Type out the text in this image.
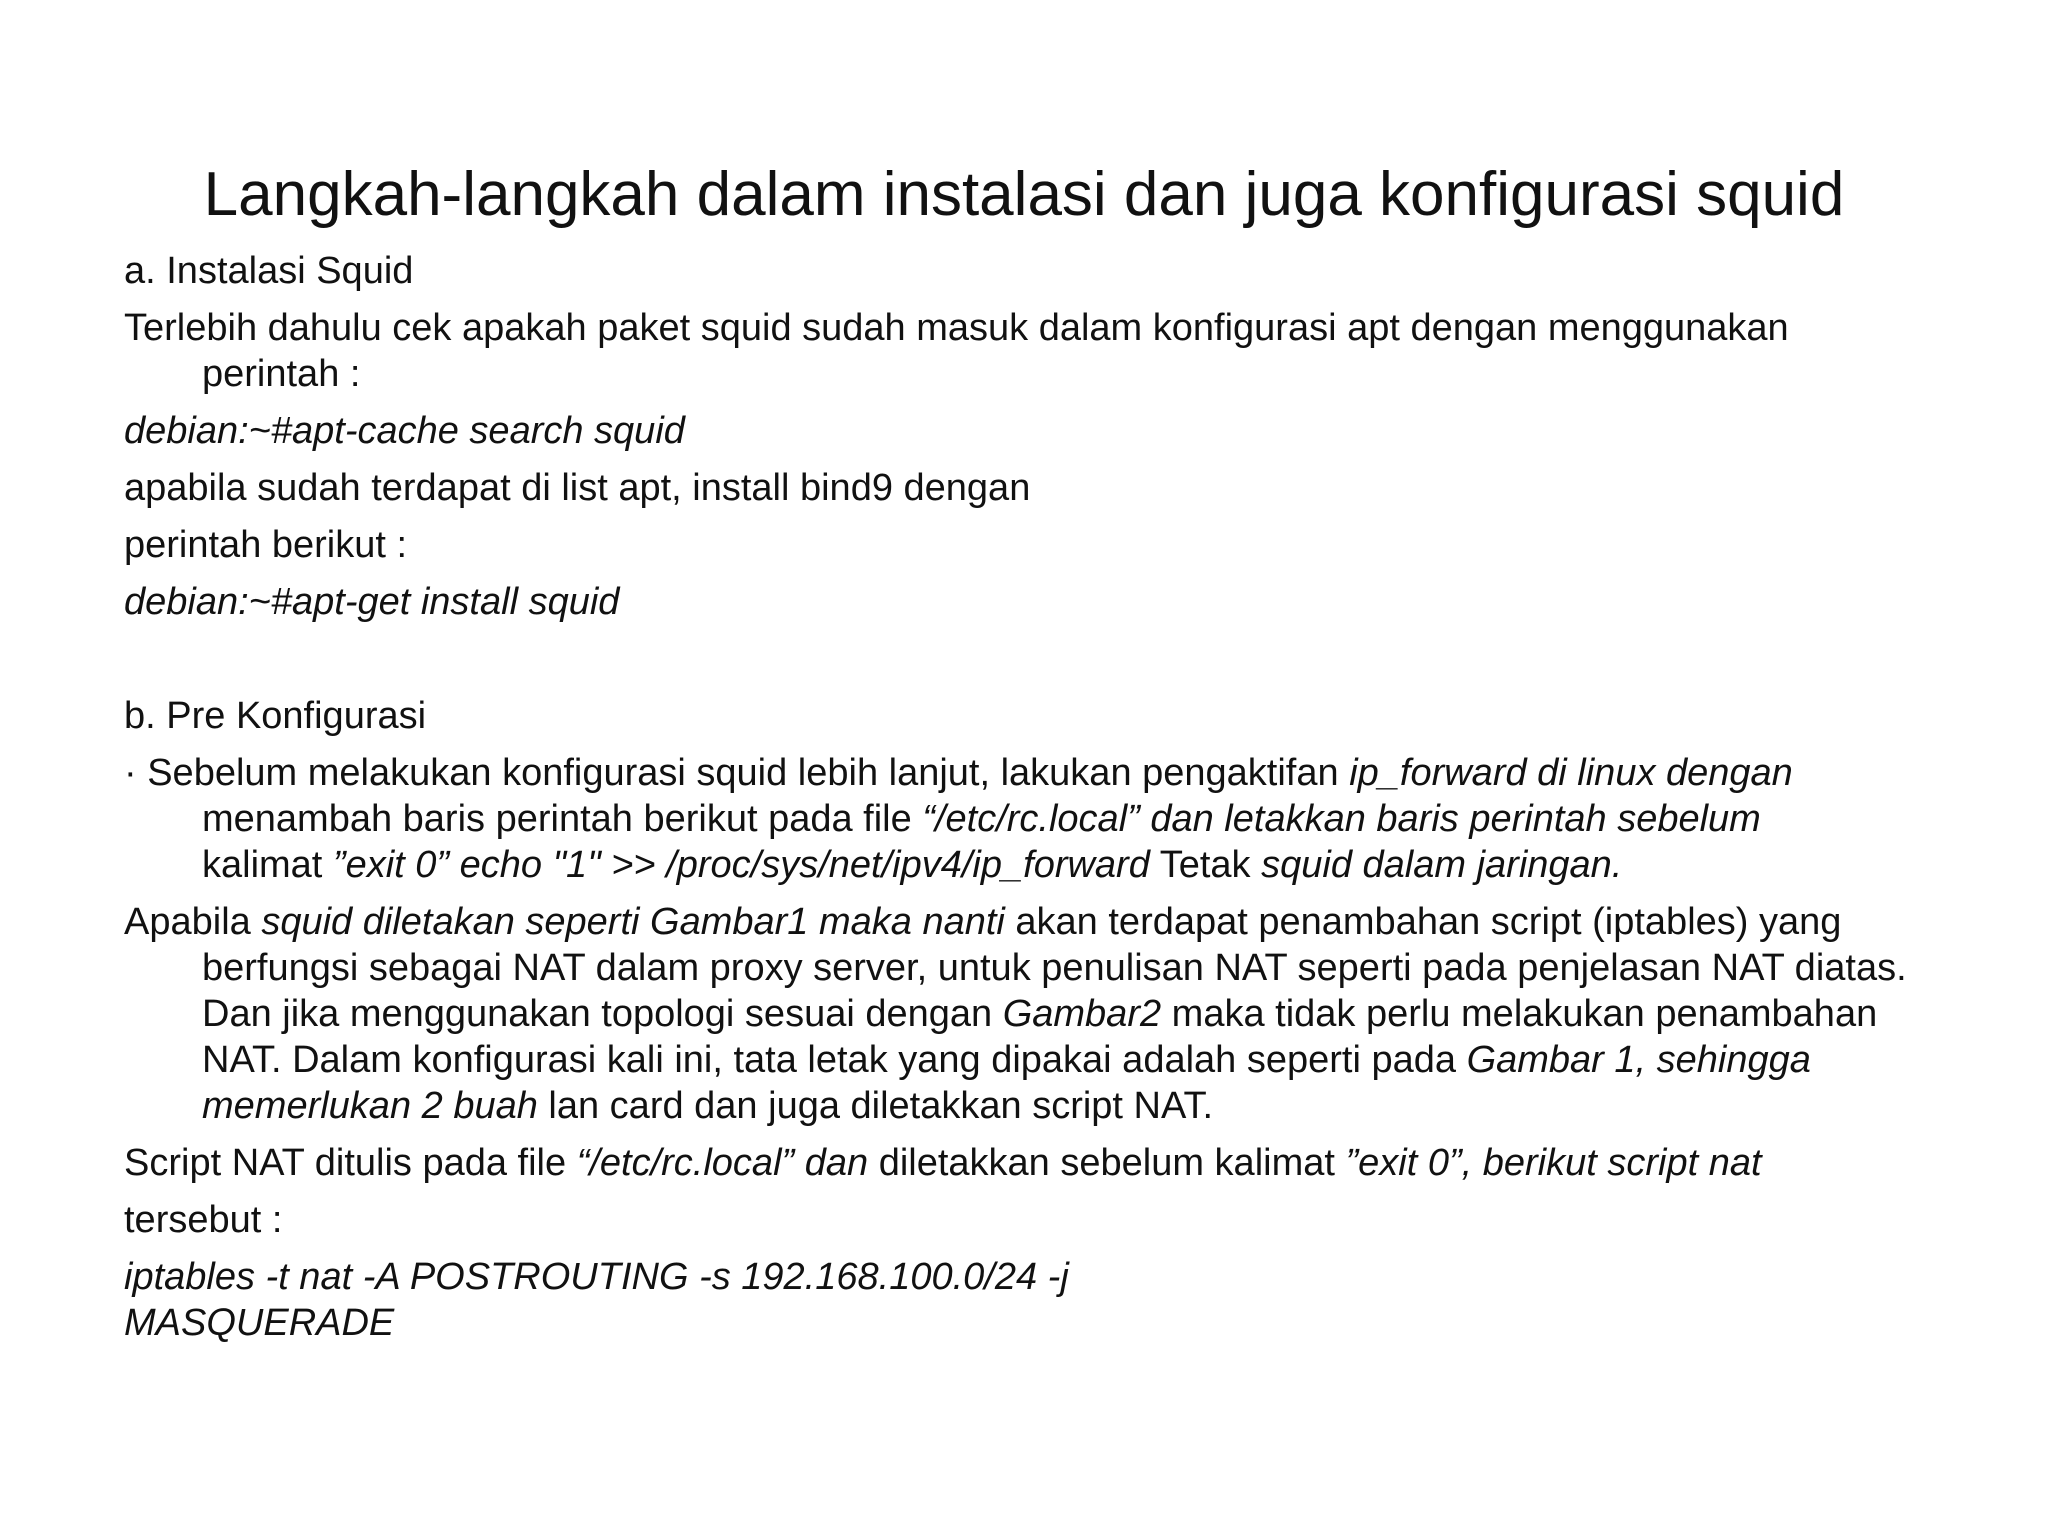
Langkah-langkah dalam instalasi dan juga konfigurasi squid

a. Instalasi Squid

Terlebih dahulu cek apakah paket squid sudah masuk dalam konfigurasi apt dengan menggunakan
perintah :

debian:~#apt-cache search squid

apabila sudah terdapat di list apt, install bind9 dengan

perintah berikut :

debian:~#apt-get install squid

b. Pre Konfigurasi

· Sebelum melakukan konfigurasi squid lebih lanjut, lakukan pengaktifan ip_forward di linux dengan
menambah baris perintah berikut pada file “/etc/rc.local” dan letakkan baris perintah sebelum
kalimat ”exit 0” echo "1" >> /proc/sys/net/ipv4/ip_forward Tetak squid dalam jaringan.

Apabila squid diletakan seperti Gambar1 maka nanti akan terdapat penambahan script (iptables) yang
berfungsi sebagai NAT dalam proxy server, untuk penulisan NAT seperti pada penjelasan NAT diatas.
Dan jika menggunakan topologi sesuai dengan Gambar2 maka tidak perlu melakukan penambahan
NAT. Dalam konfigurasi kali ini, tata letak yang dipakai adalah seperti pada Gambar 1, sehingga
memerlukan 2 buah lan card dan juga diletakkan script NAT.

Script NAT ditulis pada file “/etc/rc.local” dan diletakkan sebelum kalimat ”exit 0”, berikut script nat

tersebut :

iptables -t nat -A POSTROUTING -s 192.168.100.0/24 -j

MASQUERADE
